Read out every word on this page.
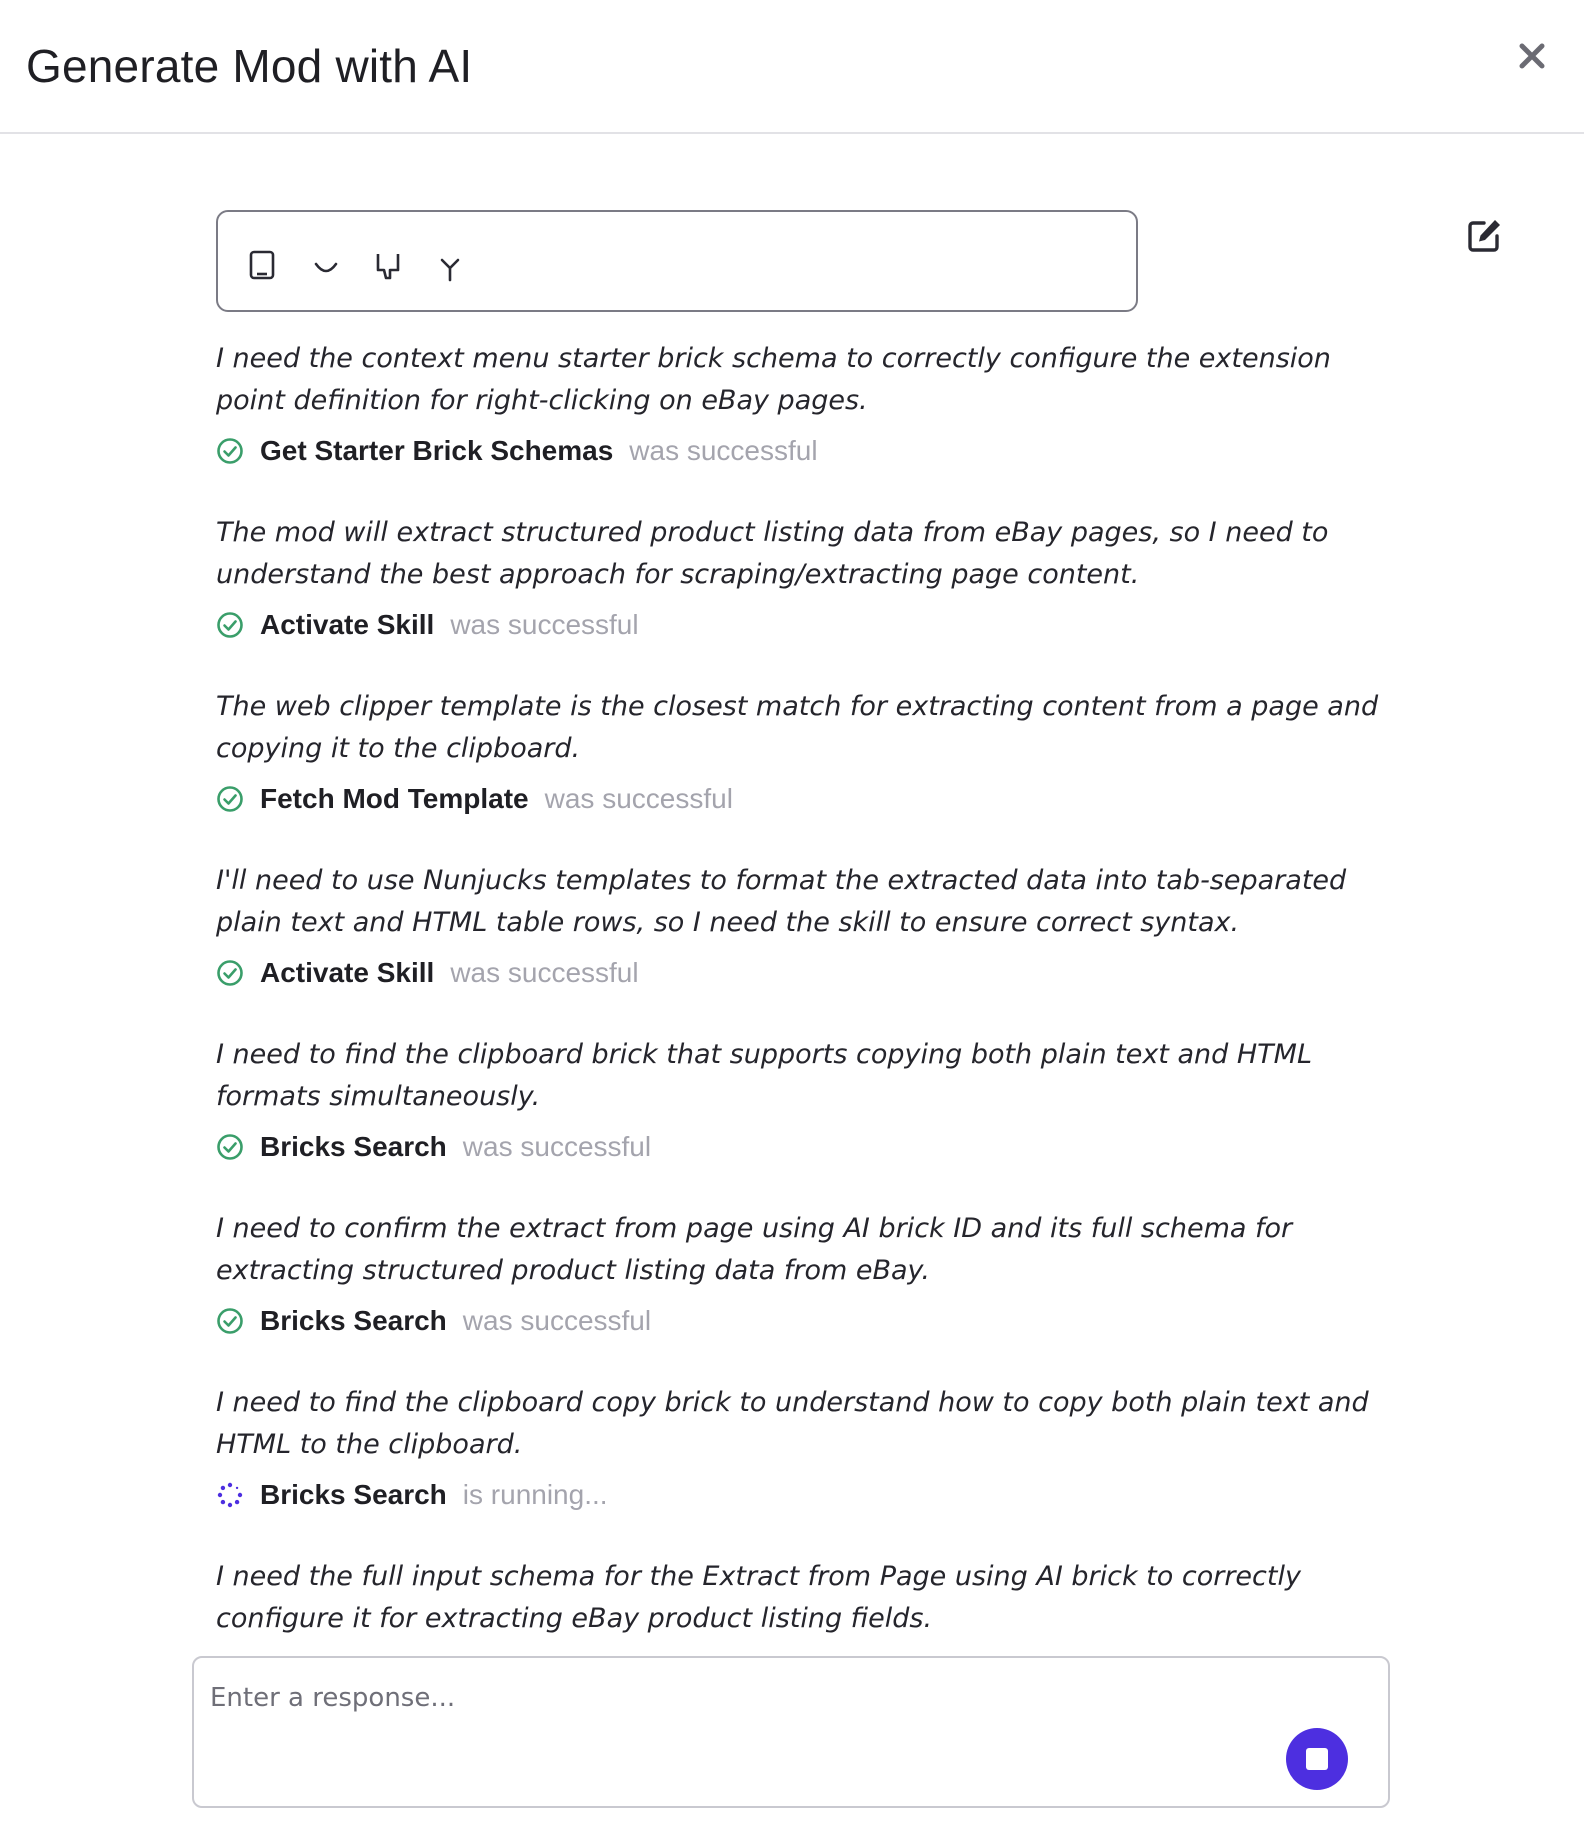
Generate Mod with AI

I need the context menu starter brick schema to correctly configure the extension point definition for right-clicking on eBay pages.

Get Starter Brick Schemas was successful

The mod will extract structured product listing data from eBay pages, so I need to understand the best approach for scraping/extracting page content.

Activate Skill was successful

The web clipper template is the closest match for extracting content from a page and copying it to the clipboard.

Fetch Mod Template was successful

I'll need to use Nunjucks templates to format the extracted data into tab-separated plain text and HTML table rows, so I need the skill to ensure correct syntax.

Activate Skill was successful

I need to find the clipboard brick that supports copying both plain text and HTML formats simultaneously.

Bricks Search was successful

I need to confirm the extract from page using AI brick ID and its full schema for extracting structured product listing data from eBay.

Bricks Search was successful

I need to find the clipboard copy brick to understand how to copy both plain text and HTML to the clipboard.

Bricks Search is running...

I need the full input schema for the Extract from Page using AI brick to correctly configure it for extracting eBay product listing fields.

Enter a response...
